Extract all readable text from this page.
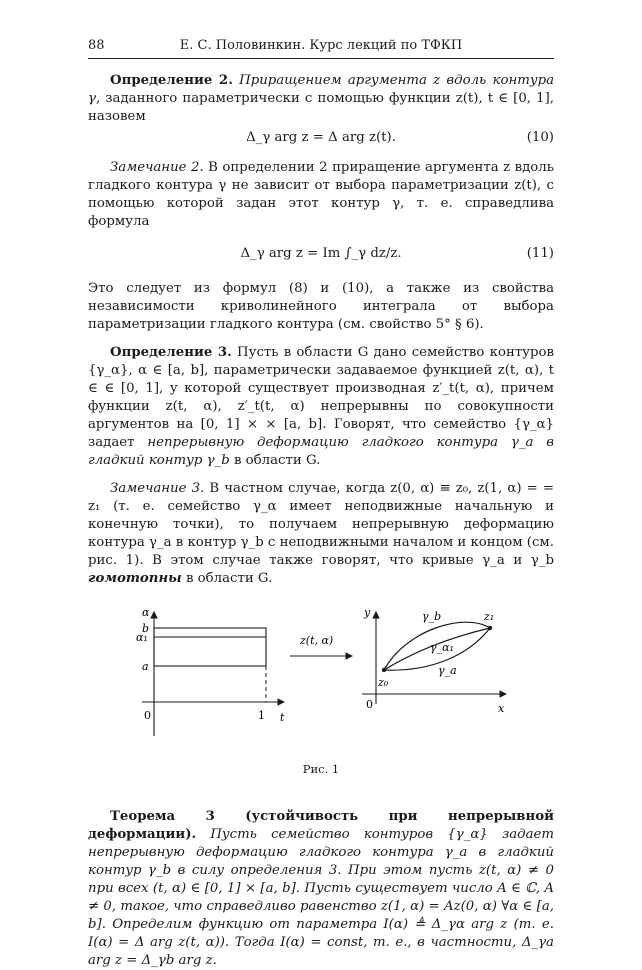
88	Е. С. Половинкин. Курс лекций по ТФКП

Определение 2. Приращением аргумента z вдоль контура γ, заданного параметрически с помощью функции z(t), t ∈ [0, 1], назовем

Δ_γ arg z = Δ arg z(t).	(10)

Замечание 2. В определении 2 приращение аргумента z вдоль гладкого контура γ не зависит от выбора параметризации z(t), с помощью которой задан этот контур γ, т. е. справедлива формула

Δ_γ arg z = Im ∫_γ dz/z.	(11)

Это следует из формул (8) и (10), а также из свойства независимости криволинейного интеграла от выбора параметризации гладкого контура (см. свойство 5° § 6).

Определение 3. Пусть в области G дано семейство контуров {γ_α}, α ∈ [a, b], параметрически задаваемое функцией z(t, α), t ∈ ∈ [0, 1], у которой существует производная z′_t(t, α), причем функции z(t, α), z′_t(t, α) непрерывны по совокупности аргументов на [0, 1] × × [a, b]. Говорят, что семейство {γ_α} задает непрерывную деформацию гладкого контура γ_a в гладкий контур γ_b в области G.

Замечание 3. В частном случае, когда z(0, α) ≡ z₀, z(1, α) = = z₁ (т. е. семейство γ_α имеет неподвижные начальную и конечную точки), то получаем непрерывную деформацию контура γ_a в контур γ_b с неподвижными началом и концом (см. рис. 1). В этом случае также говорят, что кривые γ_a и γ_b гомотопны в области G.

α
t
b
α₁
a
0	1
z(t, α)
y
x
0
γ_b
γ_α₁
γ_a
z₀
z₁
Рис. 1

Теорема 3 (устойчивость при непрерывной деформации). Пусть семейство контуров {γ_α} задает непрерывную деформацию гладкого контура γ_a в гладкий контур γ_b в силу определения 3. При этом пусть z(t, α) ≠ 0 при всех (t, α) ∈ [0, 1] × [a, b]. Пусть существует число A ∈ ℂ, A ≠ 0, такое, что справедливо равенство z(1, α) = Az(0, α) ∀α ∈ [a, b]. Определим функцию от параметра I(α) ≜ Δ_γα arg z (т. е. I(α) = Δ arg z(t, α)). Тогда I(α) = const, т. е., в частности, Δ_γa arg z = Δ_γb arg z.
